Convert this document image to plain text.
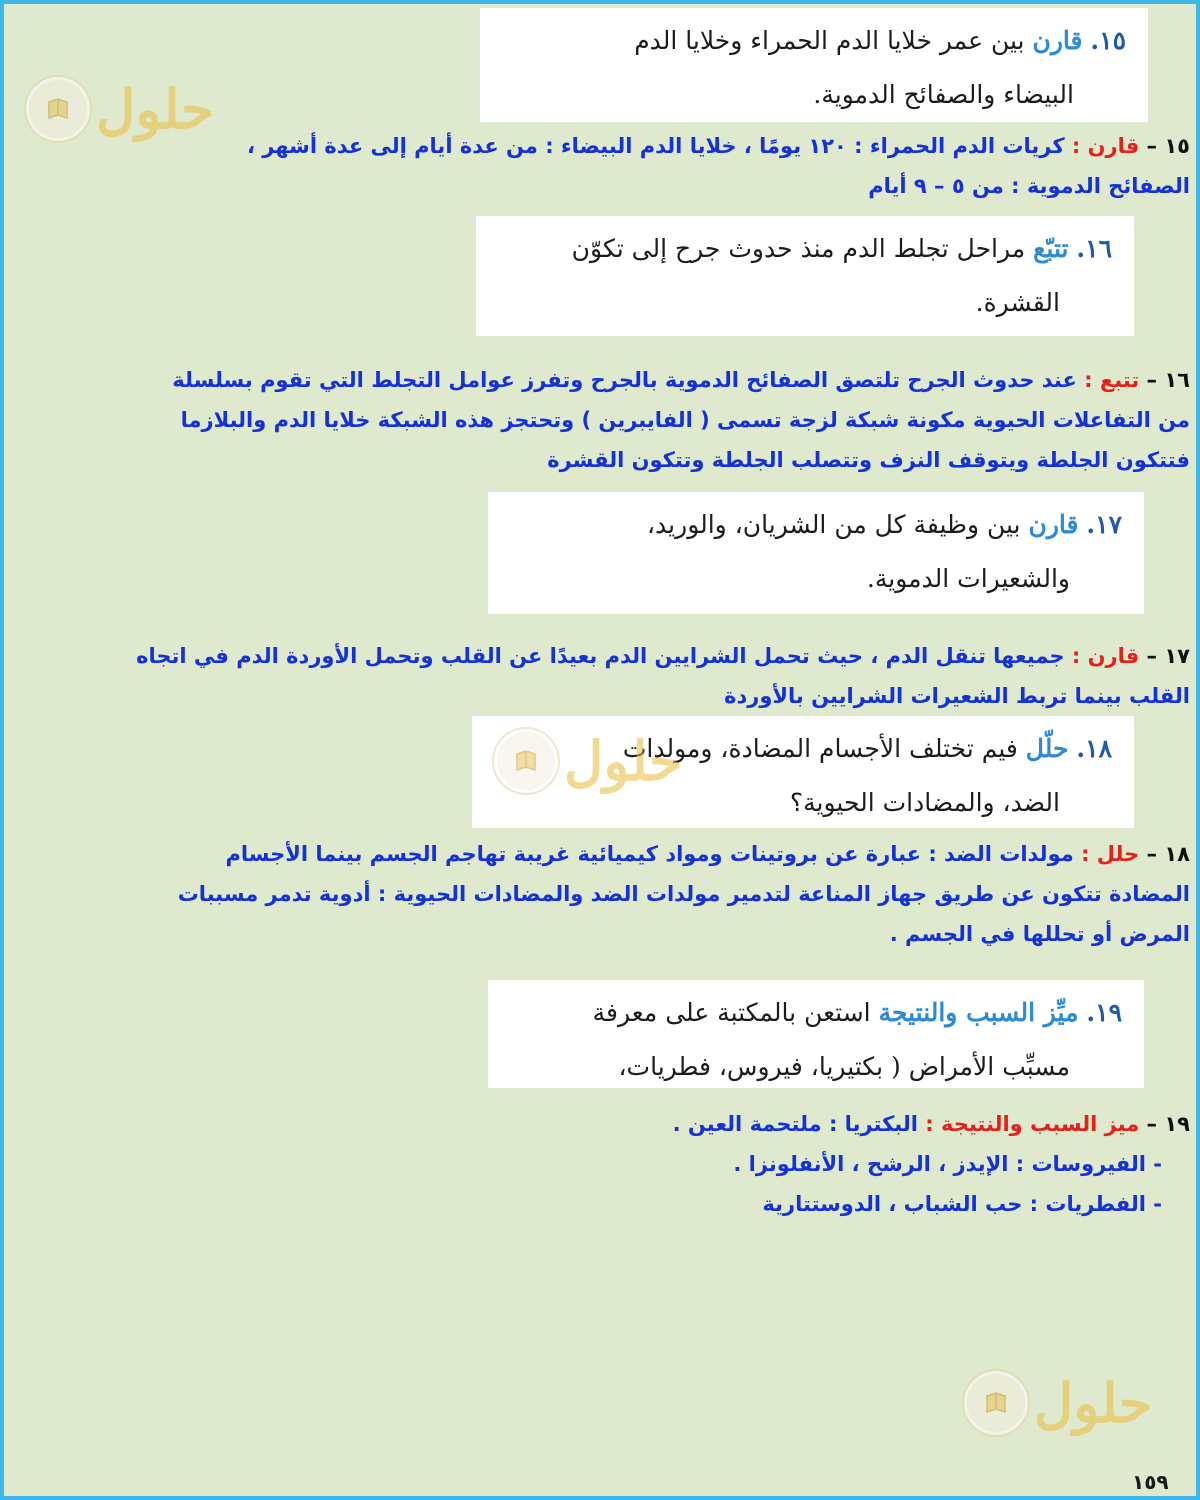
١٥. قارن بين عمر خلايا الدم الحمراء وخلايا الدم
البيضاء والصفائح الدموية.
١٥ – قارن : كريات الدم الحمراء : ١٢٠ يومًا ، خلايا الدم البيضاء : من عدة أيام إلى عدة أشهر ،
الصفائح الدموية : من ٥ – ٩ أيام
١٦. تتبّع مراحل تجلط الدم منذ حدوث جرح إلى تكوّن
القشرة.
١٦ – تتبع : عند حدوث الجرح تلتصق الصفائح الدموية بالجرح وتفرز عوامل التجلط التي تقوم بسلسلة
من التفاعلات الحيوية مكونة شبكة لزجة تسمى ( الفايبرين ) وتحتجز هذه الشبكة خلايا الدم والبلازما
فتتكون الجلطة ويتوقف النزف وتتصلب الجلطة وتتكون القشرة
١٧. قارن بين وظيفة كل من الشريان، والوريد،
والشعيرات الدموية.
١٧ – قارن : جميعها تنقل الدم ، حيث تحمل الشرايين الدم بعيدًا عن القلب وتحمل الأوردة الدم في اتجاه
القلب بينما تربط الشعيرات الشرايين بالأوردة
١٨. حلّل فيم تختلف الأجسام المضادة، ومولدات
الضد، والمضادات الحيوية؟
١٨ – حلل : مولدات الضد : عبارة عن بروتينات ومواد كيميائية غريبة تهاجم الجسم بينما الأجسام
المضادة تتكون عن طريق جهاز المناعة لتدمير مولدات الضد والمضادات الحيوية : أدوية تدمر مسببات
المرض أو تحللها في الجسم .
١٩. ميِّز السبب والنتيجة استعن بالمكتبة على معرفة
مسبِّب الأمراض ( بكتيريا، فيروس، فطريات،
١٩ – ميز السبب والنتيجة : البكتريا : ملتحمة العين .
- الفيروسات : الإيدز ، الرشح ، الأنفلونزا .
- الفطريات : حب الشباب ، الدوستتارية
حلول
حلول
حلول
١٥٩
